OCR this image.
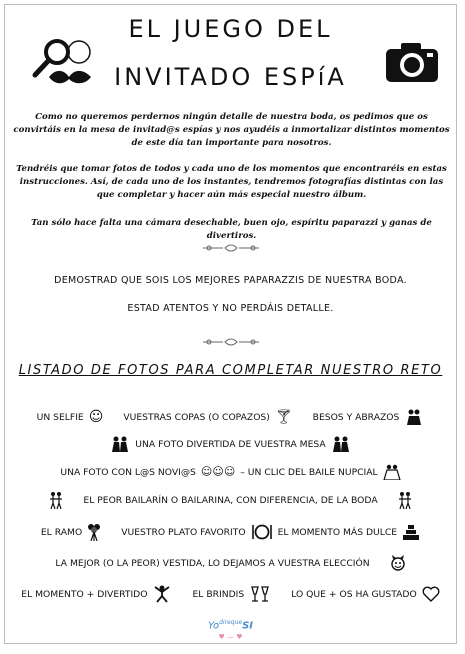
EL JUEGO DEL
INVITADO ESPíA
Como no queremos perdernos ningún detalle de nuestra boda, os pedimos que os convirtáis en la mesa de invitad@s espías y nos ayudéis a inmortalizar distintos momentos de este día tan importante para nosotros.
Tendréis que tomar fotos de todos y cada uno de los momentos que encontraréis en estas instrucciones. Así, de cada uno de los instantes, tendremos fotografías distintas con las que completar y hacer aún más especial nuestro álbum.
Tan sólo hace falta una cámara desechable, buen ojo, espíritu paparazzi y ganas de divertiros.
DEMOSTRAD QUE SOIS LOS MEJORES PAPARAZZIS DE NUESTRA BODA.
ESTAD ATENTOS Y NO PERDÁIS DETALLE.
LISTADO DE FOTOS PARA COMPLETAR NUESTRO RETO
UN SELFIE ☺ VUESTRAS COPAS (O COPAZOS) 🍸︎ BESOS Y ABRAZOS
UNA FOTO DIVERTIDA DE VUESTRA MESA
UNA FOTO CON L@S NOVI@S ☺☺☺ – UN CLIC DEL BAILE NUPCIAL
EL PEOR BAILARÍN O BAILARINA, CON DIFERENCIA, DE LA BODA
EL RAMO	VUESTRO PLATO FAVORITO	EL MOMENTO MÁS DULCE
LA MEJOR (O LA PEOR) VESTIDA, LO DEJAMOS A VUESTRA ELECCIÓN
EL MOMENTO + DIVERTIDO	EL BRINDIS	LO QUE + OS HA GUSTADO
$Yo^{direque}SI$
♥ — ♥
